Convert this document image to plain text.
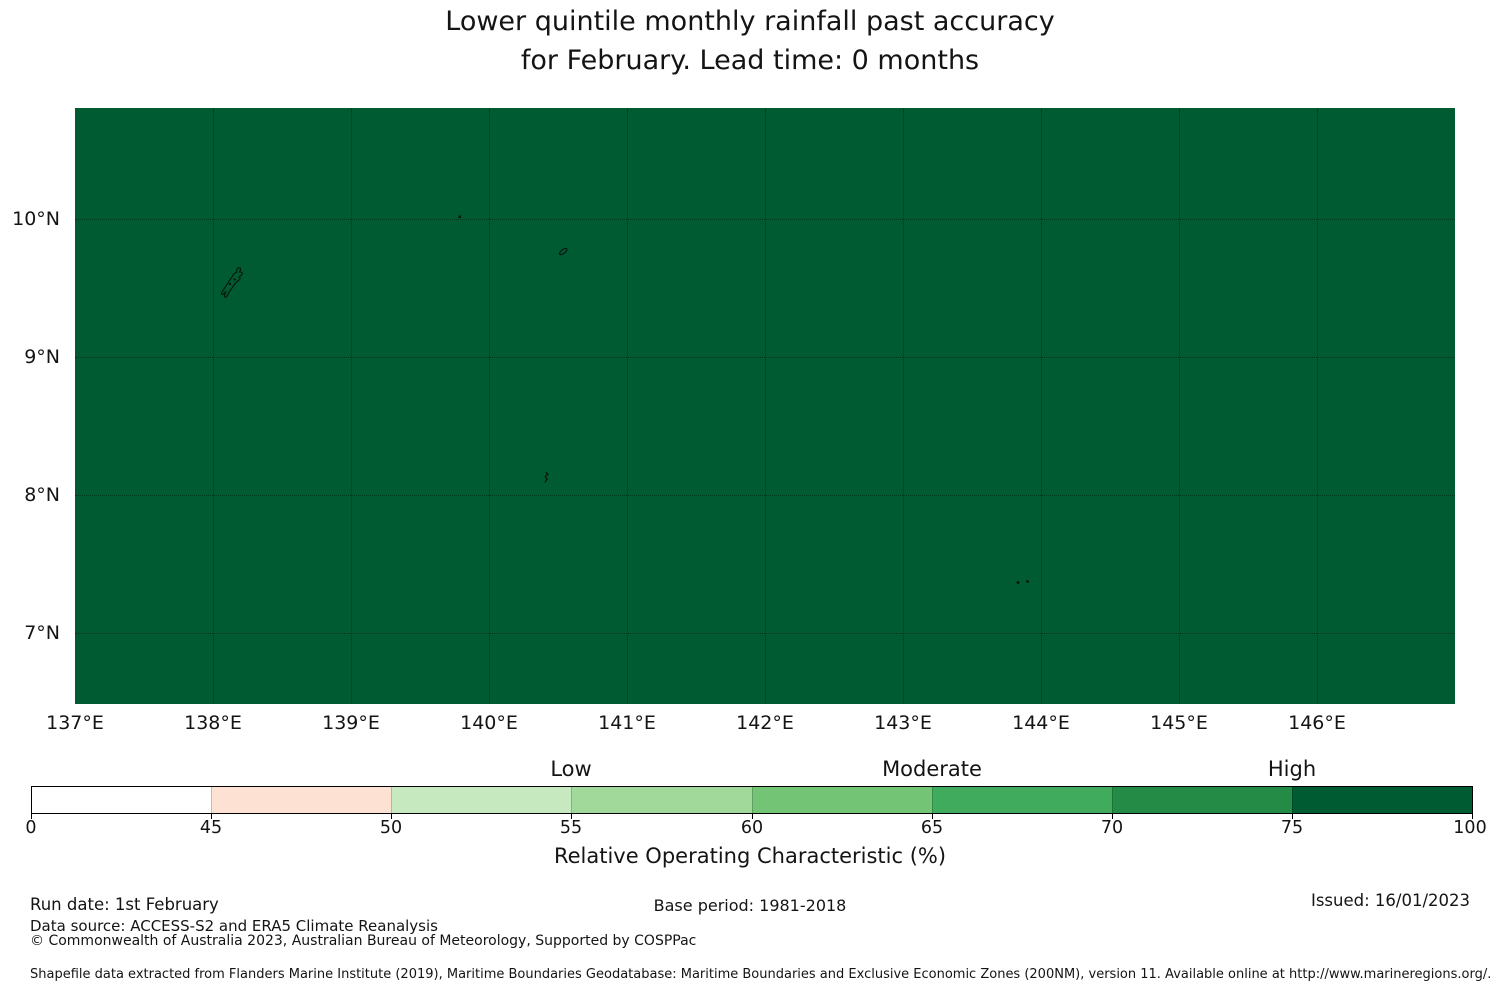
Lower quintile monthly rainfall past accuracy
for February. Lead time: 0 months
10°N
9°N
8°N
7°N
137°E	138°E	139°E	140°E	141°E	142°E	143°E	144°E	145°E	146°E
Low	Moderate	High
0	45	50	55	60	65	70	75	100
Relative Operating Characteristic (%)
Run date: 1st February	Base period: 1981-2018	Issued: 16/01/2023
Data source: ACCESS-S2 and ERA5 Climate Reanalysis
© Commonwealth of Australia 2023, Australian Bureau of Meteorology, Supported by COSPPac
Shapefile data extracted from Flanders Marine Institute (2019), Maritime Boundaries Geodatabase: Maritime Boundaries and Exclusive Economic Zones (200NM), version 11. Available online at http://www.marineregions.org/.
